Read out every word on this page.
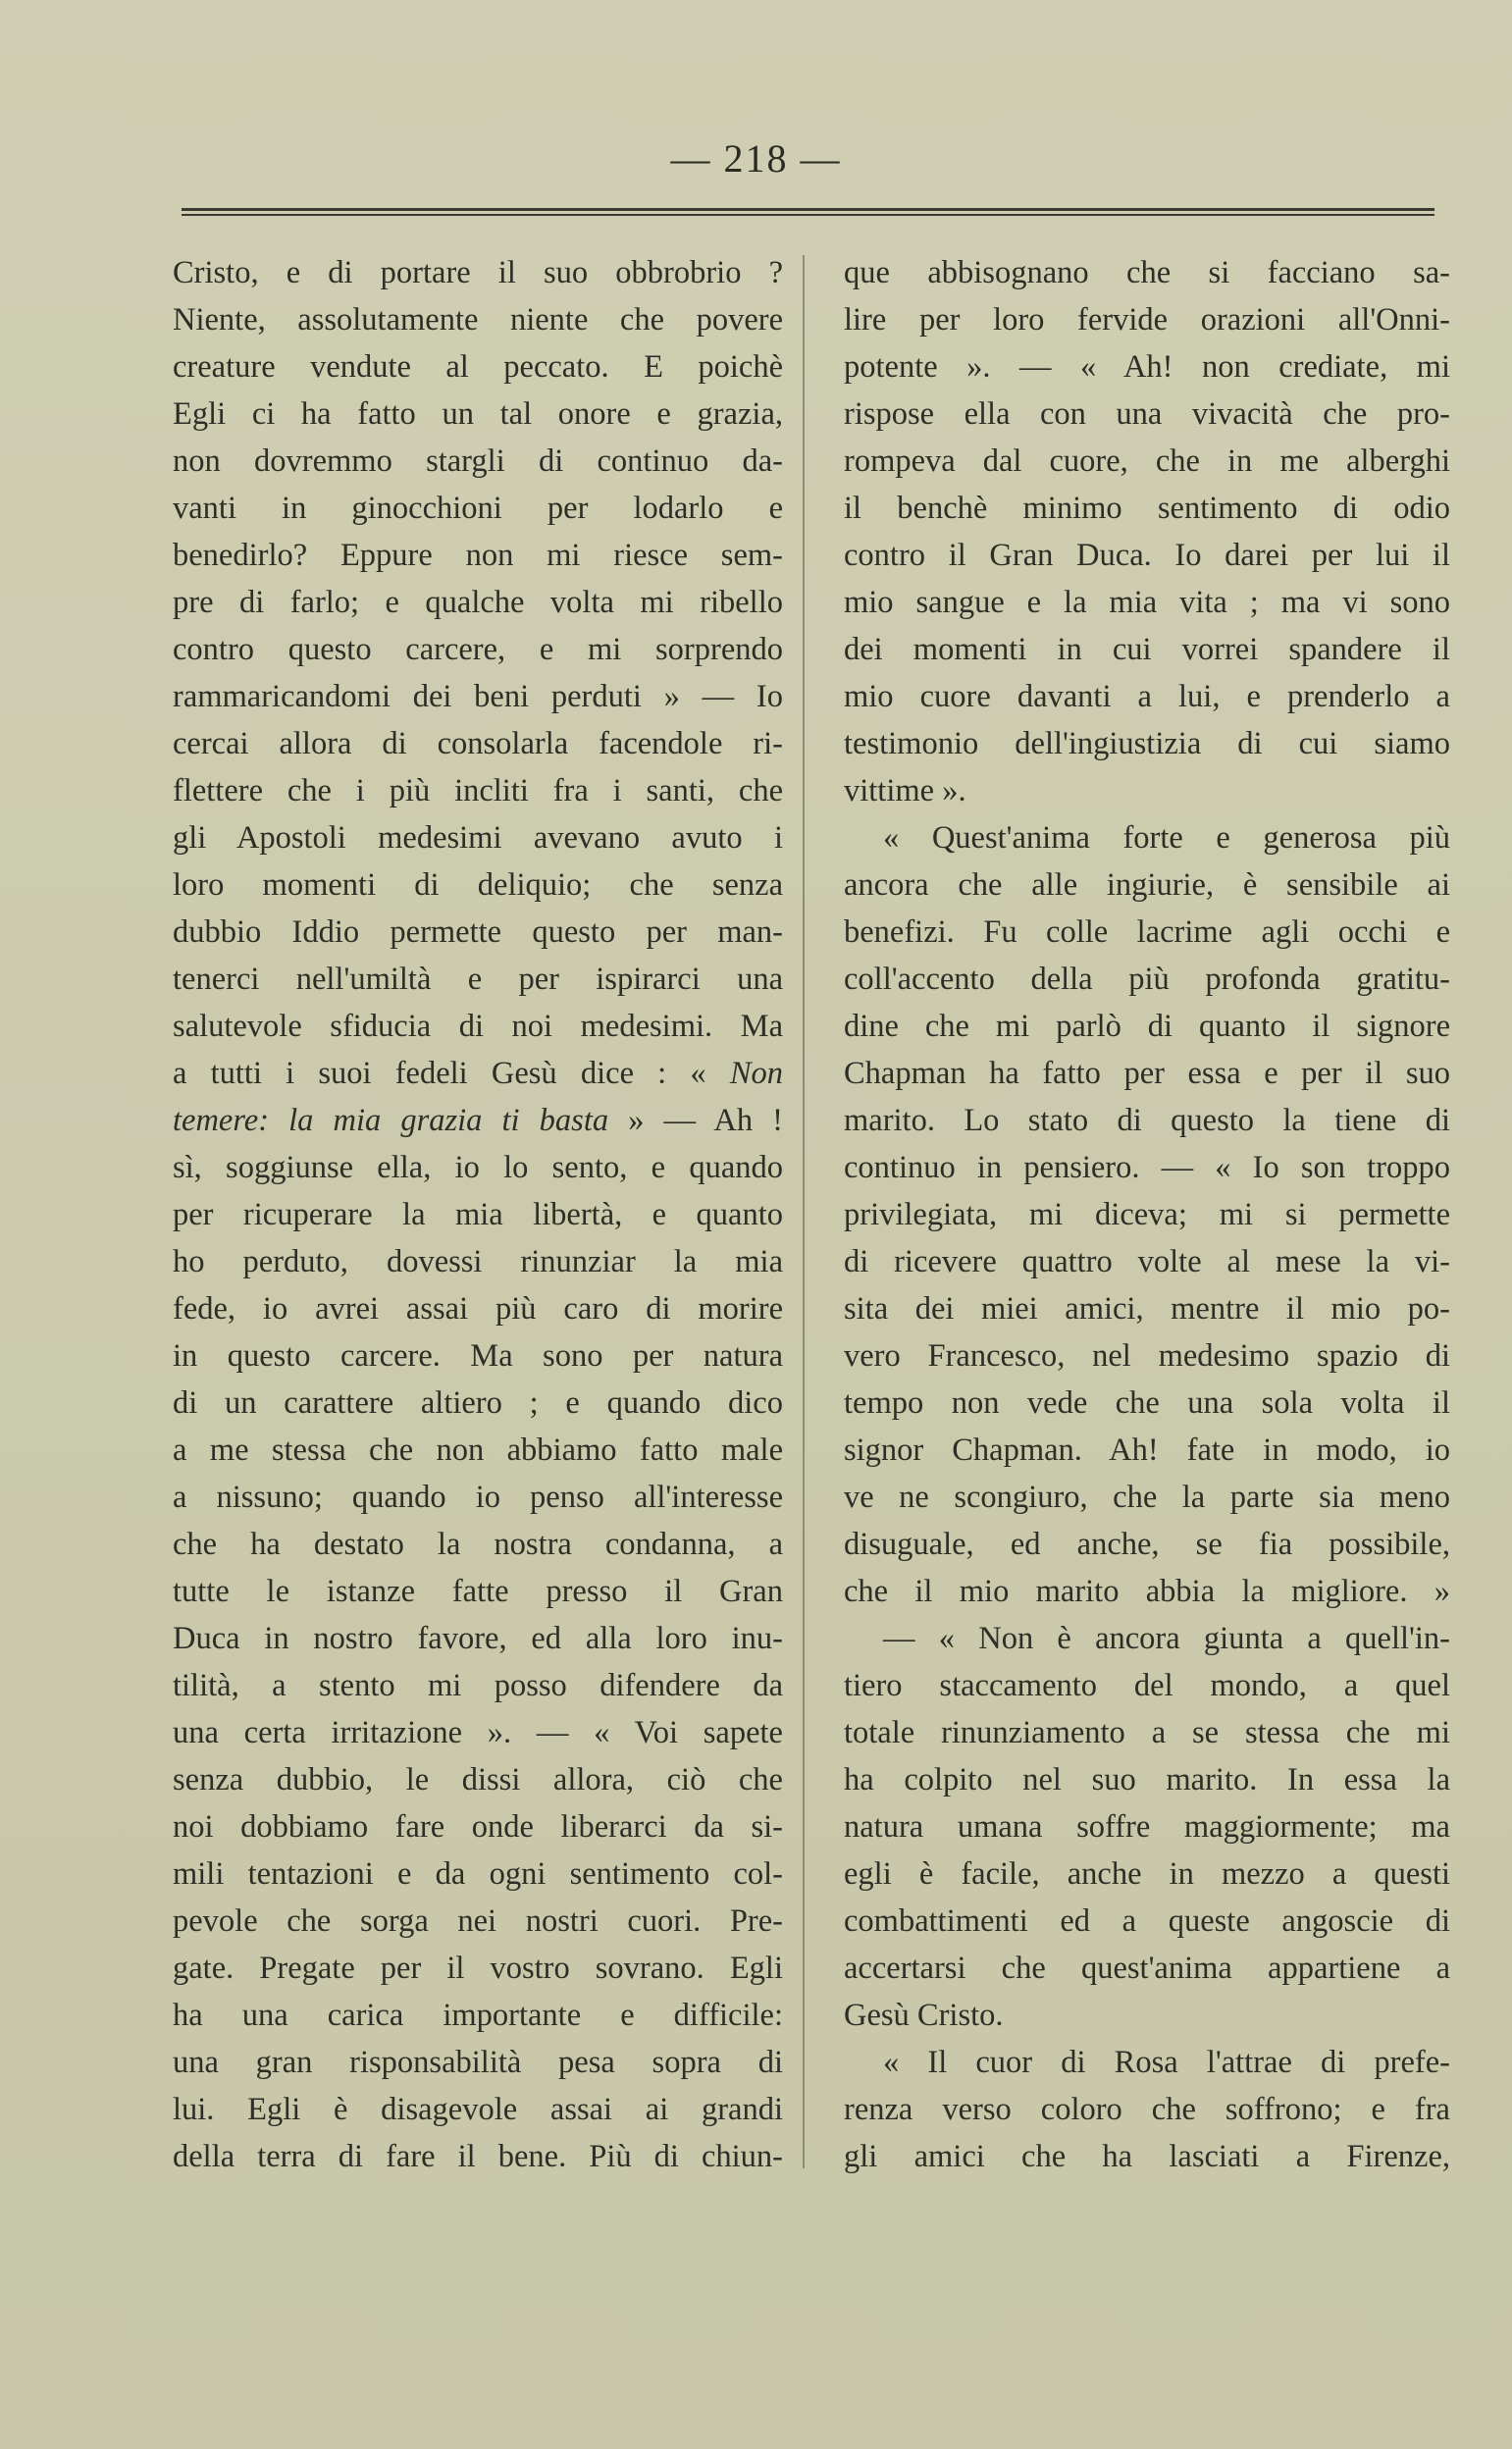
— 218 —
Cristo, e di portare il suo obbrobrio ?
Niente, assolutamente niente che povere
creature vendute al peccato. E poichè
Egli ci ha fatto un tal onore e grazia,
non dovremmo stargli di continuo da-
vanti in ginocchioni per lodarlo e
benedirlo? Eppure non mi riesce sem-
pre di farlo; e qualche volta mi ribello
contro questo carcere, e mi sorprendo
rammaricandomi dei beni perduti » — Io
cercai allora di consolarla facendole ri-
flettere che i più incliti fra i santi, che
gli Apostoli medesimi avevano avuto i
loro momenti di deliquio; che senza
dubbio Iddio permette questo per man-
tenerci nell'umiltà e per ispirarci una
salutevole sfiducia di noi medesimi. Ma
a tutti i suoi fedeli Gesù dice : « Non
temere: la mia grazia ti basta » — Ah !
sì, soggiunse ella, io lo sento, e quando
per ricuperare la mia libertà, e quanto
ho perduto, dovessi rinunziar la mia
fede, io avrei assai più caro di morire
in questo carcere. Ma sono per natura
di un carattere altiero ; e quando dico
a me stessa che non abbiamo fatto male
a nissuno; quando io penso all'interesse
che ha destato la nostra condanna, a
tutte le istanze fatte presso il Gran
Duca in nostro favore, ed alla loro inu-
tilità, a stento mi posso difendere da
una certa irritazione ». — « Voi sapete
senza dubbio, le dissi allora, ciò che
noi dobbiamo fare onde liberarci da si-
mili tentazioni e da ogni sentimento col-
pevole che sorga nei nostri cuori. Pre-
gate. Pregate per il vostro sovrano. Egli
ha una carica importante e difficile:
una gran risponsabilità pesa sopra di
lui. Egli è disagevole assai ai grandi
della terra di fare il bene. Più di chiun-
que abbisognano che si facciano sa-
lire per loro fervide orazioni all'Onni-
potente ». — « Ah! non crediate, mi
rispose ella con una vivacità che pro-
rompeva dal cuore, che in me alberghi
il benchè minimo sentimento di odio
contro il Gran Duca. Io darei per lui il
mio sangue e la mia vita ; ma vi sono
dei momenti in cui vorrei spandere il
mio cuore davanti a lui, e prenderlo a
testimonio dell'ingiustizia di cui siamo
vittime ».
« Quest'anima forte e generosa più
ancora che alle ingiurie, è sensibile ai
benefizi. Fu colle lacrime agli occhi e
coll'accento della più profonda gratitu-
dine che mi parlò di quanto il signore
Chapman ha fatto per essa e per il suo
marito. Lo stato di questo la tiene di
continuo in pensiero. — « Io son troppo
privilegiata, mi diceva; mi si permette
di ricevere quattro volte al mese la vi-
sita dei miei amici, mentre il mio po-
vero Francesco, nel medesimo spazio di
tempo non vede che una sola volta il
signor Chapman. Ah! fate in modo, io
ve ne scongiuro, che la parte sia meno
disuguale, ed anche, se fia possibile,
che il mio marito abbia la migliore. »
— « Non è ancora giunta a quell'in-
tiero staccamento del mondo, a quel
totale rinunziamento a se stessa che mi
ha colpito nel suo marito. In essa la
natura umana soffre maggiormente; ma
egli è facile, anche in mezzo a questi
combattimenti ed a queste angoscie di
accertarsi che quest'anima appartiene a
Gesù Cristo.
« Il cuor di Rosa l'attrae di prefe-
renza verso coloro che soffrono; e fra
gli amici che ha lasciati a Firenze,
